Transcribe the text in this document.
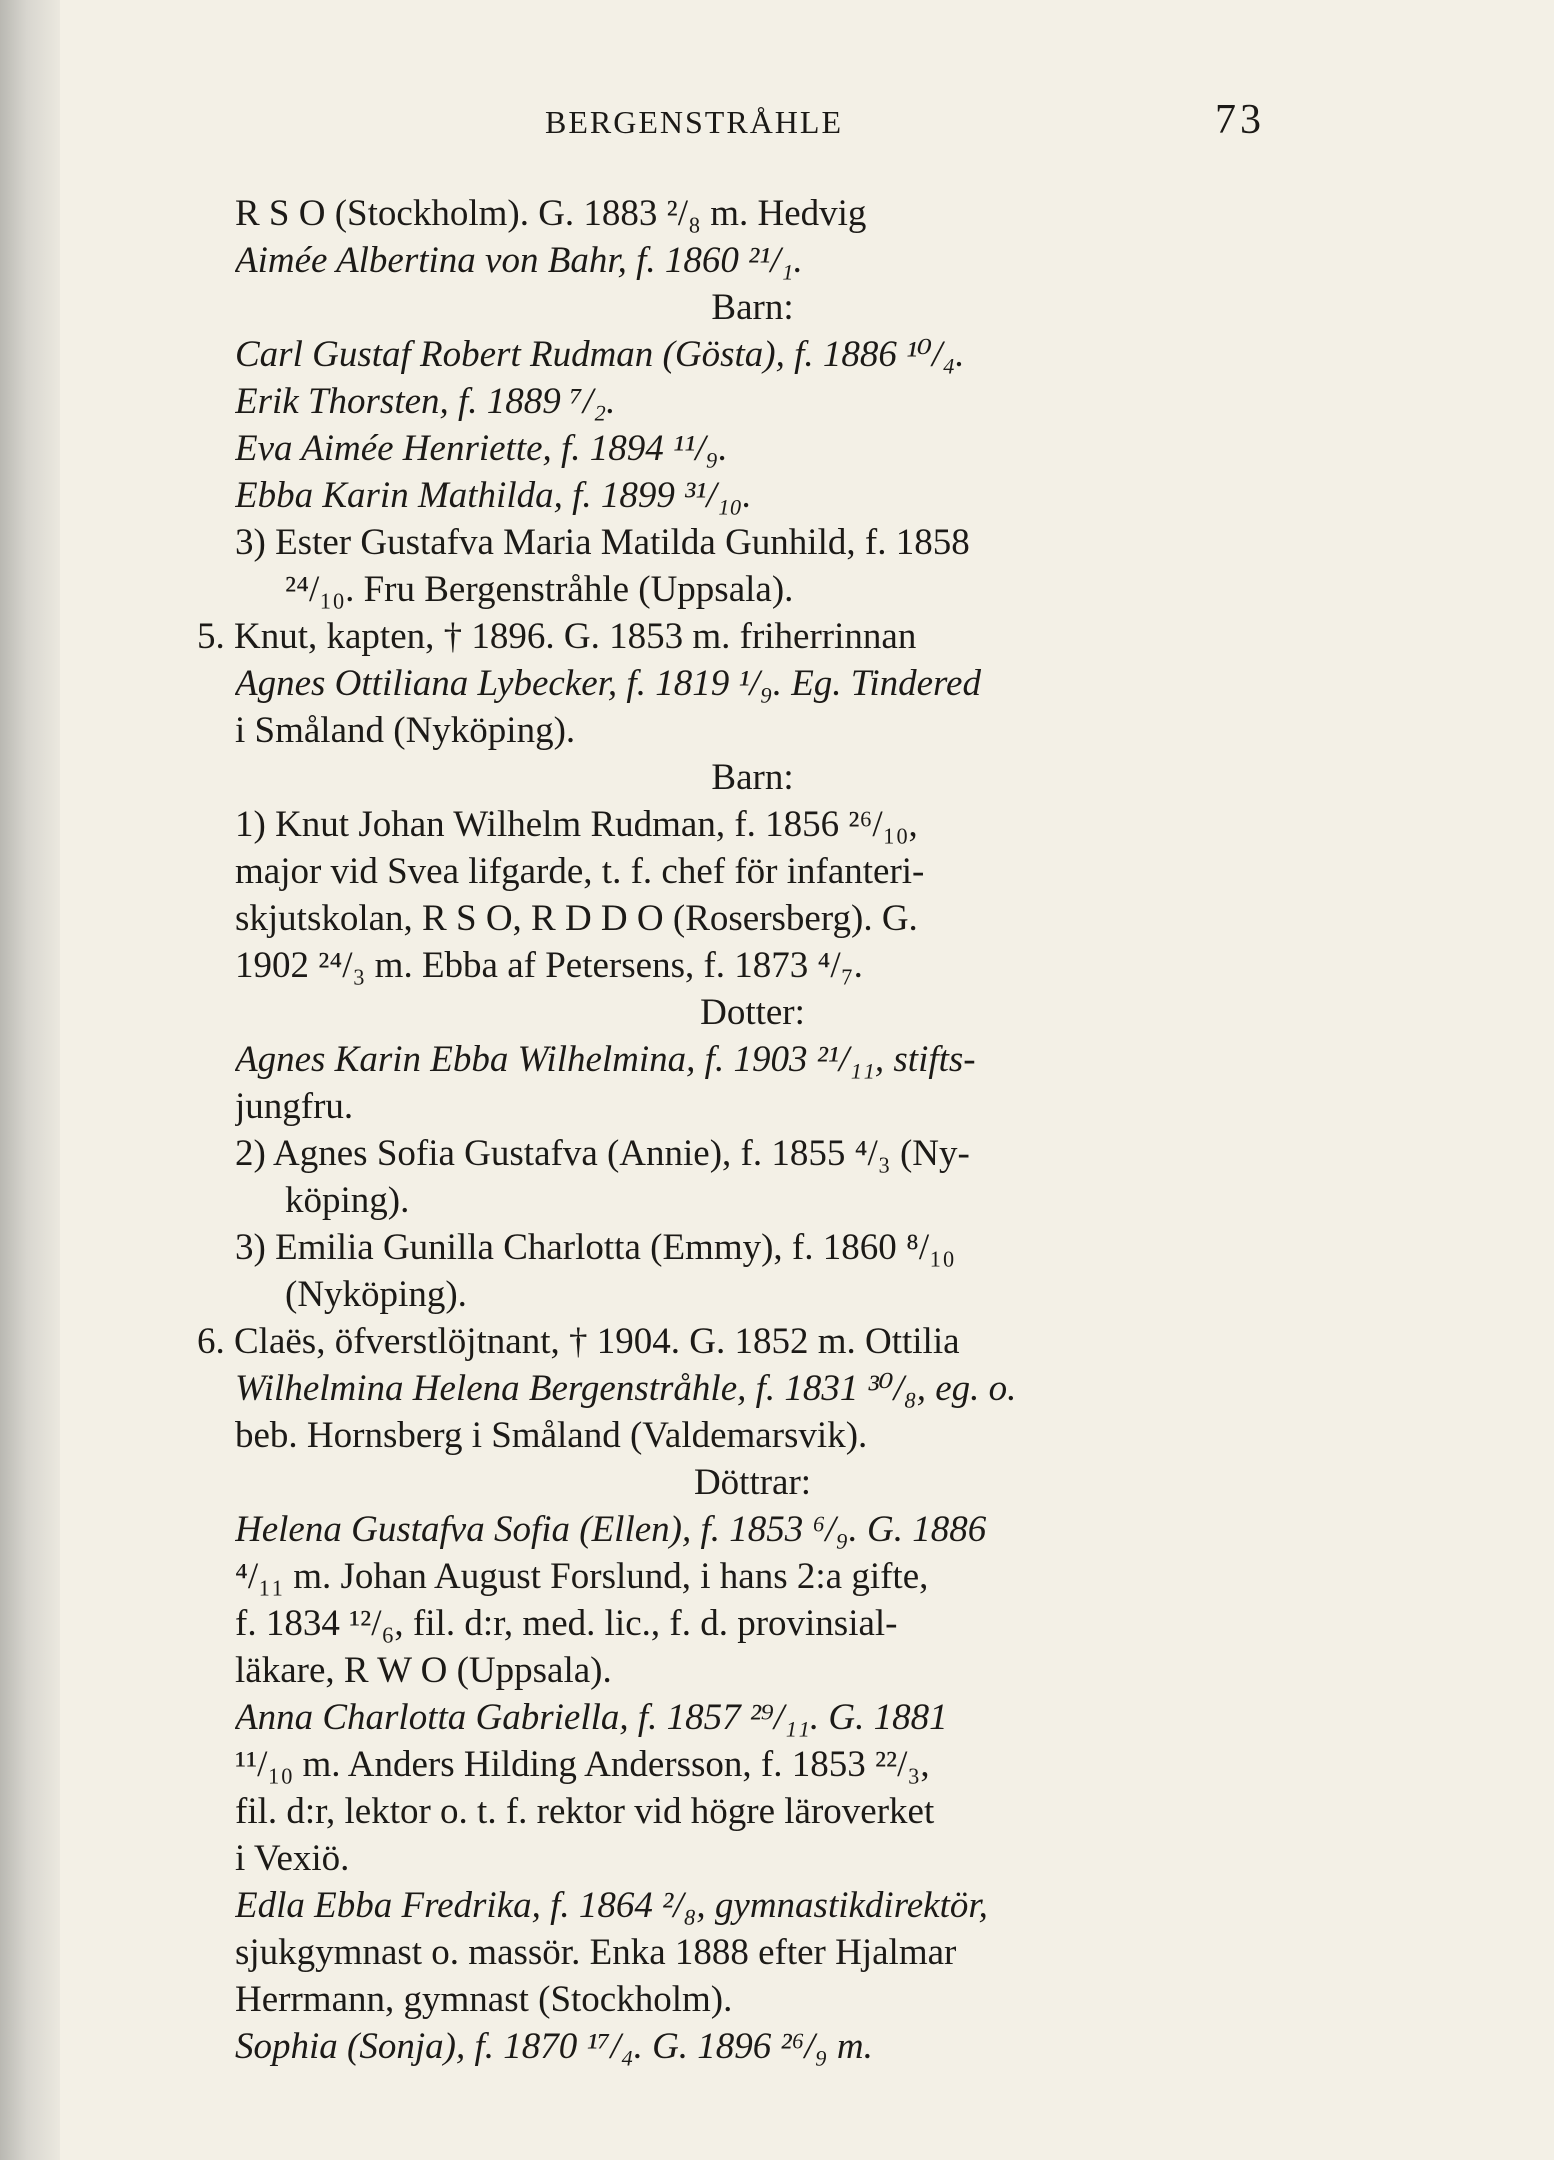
BERGENSTRÅHLE	73
R S O (Stockholm). G. 1883 ²/₈ m. Hedvig
Aimée Albertina von Bahr, f. 1860 ²¹/₁.
Barn:
Carl Gustaf Robert Rudman (Gösta), f. 1886 ¹⁰/₄.
Erik Thorsten, f. 1889 ⁷/₂.
Eva Aimée Henriette, f. 1894 ¹¹/₉.
Ebba Karin Mathilda, f. 1899 ³¹/₁₀.
3) Ester Gustafva Maria Matilda Gunhild, f. 1858
²⁴/₁₀. Fru Bergenstråhle (Uppsala).
5. Knut, kapten, † 1896. G. 1853 m. friherrinnan
Agnes Ottiliana Lybecker, f. 1819 ¹/₉. Eg. Tindered
i Småland (Nyköping).
Barn:
1) Knut Johan Wilhelm Rudman, f. 1856 ²⁶/₁₀,
major vid Svea lifgarde, t. f. chef för infanteri-
skjutskolan, R S O, R D D O (Rosersberg). G.
1902 ²⁴/₃ m. Ebba af Petersens, f. 1873 ⁴/₇.
Dotter:
Agnes Karin Ebba Wilhelmina, f. 1903 ²¹/₁₁, stifts-
jungfru.
2) Agnes Sofia Gustafva (Annie), f. 1855 ⁴/₃ (Ny-
köping).
3) Emilia Gunilla Charlotta (Emmy), f. 1860 ⁸/₁₀
(Nyköping).
6. Claës, öfverstlöjtnant, † 1904. G. 1852 m. Ottilia
Wilhelmina Helena Bergenstråhle, f. 1831 ³⁰/₈, eg. o.
beb. Hornsberg i Småland (Valdemarsvik).
Döttrar:
Helena Gustafva Sofia (Ellen), f. 1853 ⁶/₉. G. 1886
⁴/₁₁ m. Johan August Forslund, i hans 2:a gifte,
f. 1834 ¹²/₆, fil. d:r, med. lic., f. d. provinsial-
läkare, R W O (Uppsala).
Anna Charlotta Gabriella, f. 1857 ²⁹/₁₁. G. 1881
¹¹/₁₀ m. Anders Hilding Andersson, f. 1853 ²²/₃,
fil. d:r, lektor o. t. f. rektor vid högre läroverket
i Vexiö.
Edla Ebba Fredrika, f. 1864 ²/₈, gymnastikdirektör,
sjukgymnast o. massör. Enka 1888 efter Hjalmar
Herrmann, gymnast (Stockholm).
Sophia (Sonja), f. 1870 ¹⁷/₄. G. 1896 ²⁶/₉ m.
